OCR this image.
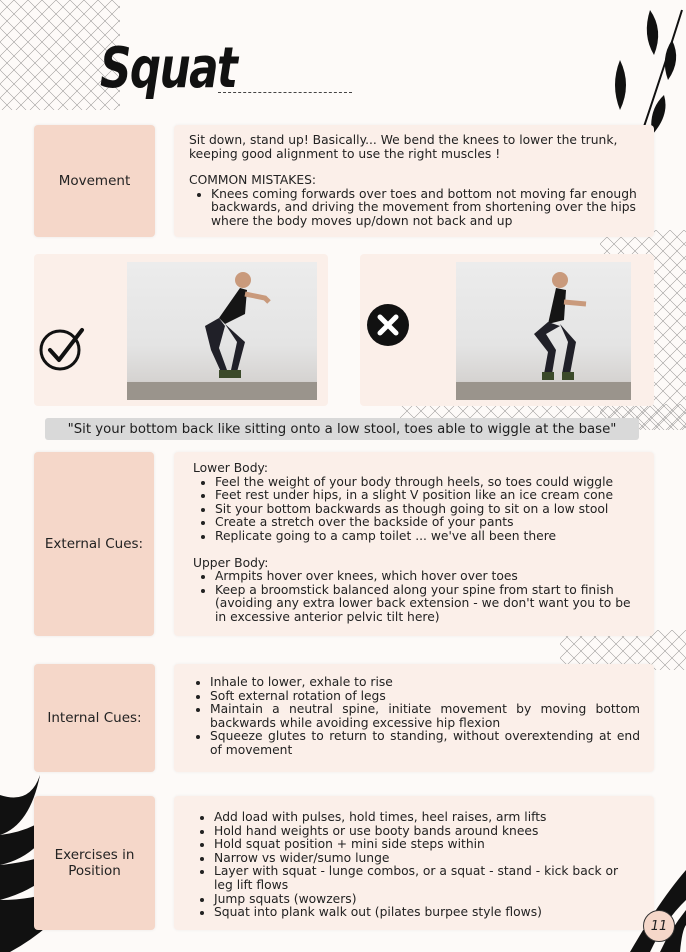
Squat
Movement
Sit down, stand up! Basically... We bend the knees to lower the trunk, keeping good alignment to use the right muscles !
COMMON MISTAKES:
• Knees coming forwards over toes and bottom not moving far enough backwards, and driving the movement from shortening over the hips where the body moves up/down not back and up
"Sit your bottom back like sitting onto a low stool, toes able to wiggle at the base"
External Cues:
Lower Body:
• Feel the weight of your body through heels, so toes could wiggle
• Feet rest under hips, in a slight V position like an ice cream cone
• Sit your bottom backwards as though going to sit on a low stool
• Create a stretch over the backside of your pants
• Replicate going to a camp toilet ... we've all been there
Upper Body:
• Armpits hover over knees, which hover over toes
• Keep a broomstick balanced along your spine from start to finish (avoiding any extra lower back extension - we don't want you to be in excessive anterior pelvic tilt here)
Internal Cues:
• Inhale to lower, exhale to rise
• Soft external rotation of legs
• Maintain a neutral spine, initiate movement by moving bottom backwards while avoiding excessive hip flexion
• Squeeze glutes to return to standing, without overextending at end of movement
Exercises in Position
• Add load with pulses, hold times, heel raises, arm lifts
• Hold hand weights or use booty bands around knees
• Hold squat position + mini side steps within
• Narrow vs wider/sumo lunge
• Layer with squat - lunge combos, or a squat - stand - kick back or leg lift flows
• Jump squats (wowzers)
• Squat into plank walk out (pilates burpee style flows)
11
